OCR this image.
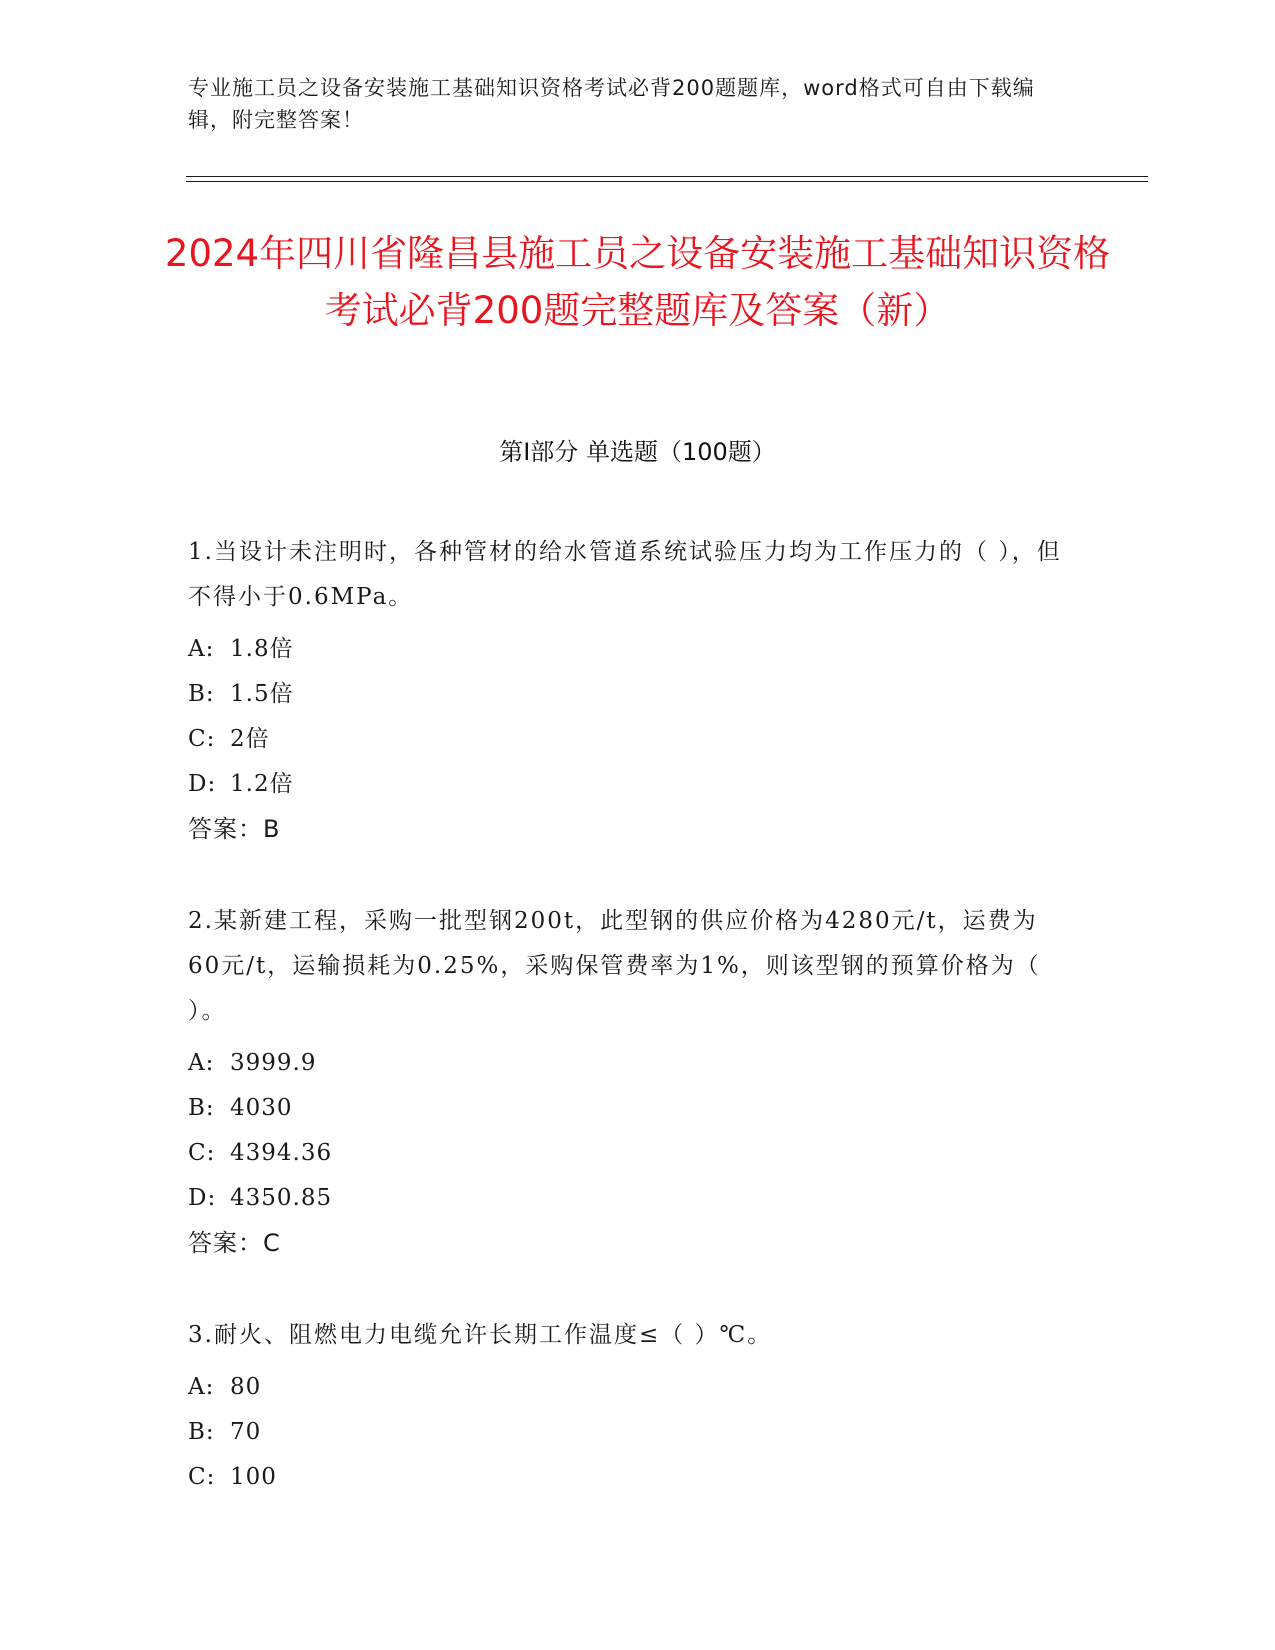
专业施工员之设备安装施工基础知识资格考试必背200题题库，word格式可自由下载编辑，附完整答案！

2024年四川省隆昌县施工员之设备安装施工基础知识资格考试必背200题完整题库及答案（新）
第I部分 单选题（100题）

1.当设计未注明时，各种管材的给水管道系统试验压力均为工作压力的（ ），但不得小于0.6MPa。

A: 1.8倍
B: 1.5倍
C: 2倍
D: 1.2倍

答案：B

2.某新建工程，采购一批型钢200t，此型钢的供应价格为4280元/t，运费为60元/t，运输损耗为0.25%，采购保管费率为1%，则该型钢的预算价格为（ ）。

A: 3999.9
B: 4030
C: 4394.36
D: 4350.85

答案：C

3.耐火、阻燃电力电缆允许长期工作温度≤（ ）℃。

A: 80
B: 70
C: 100
